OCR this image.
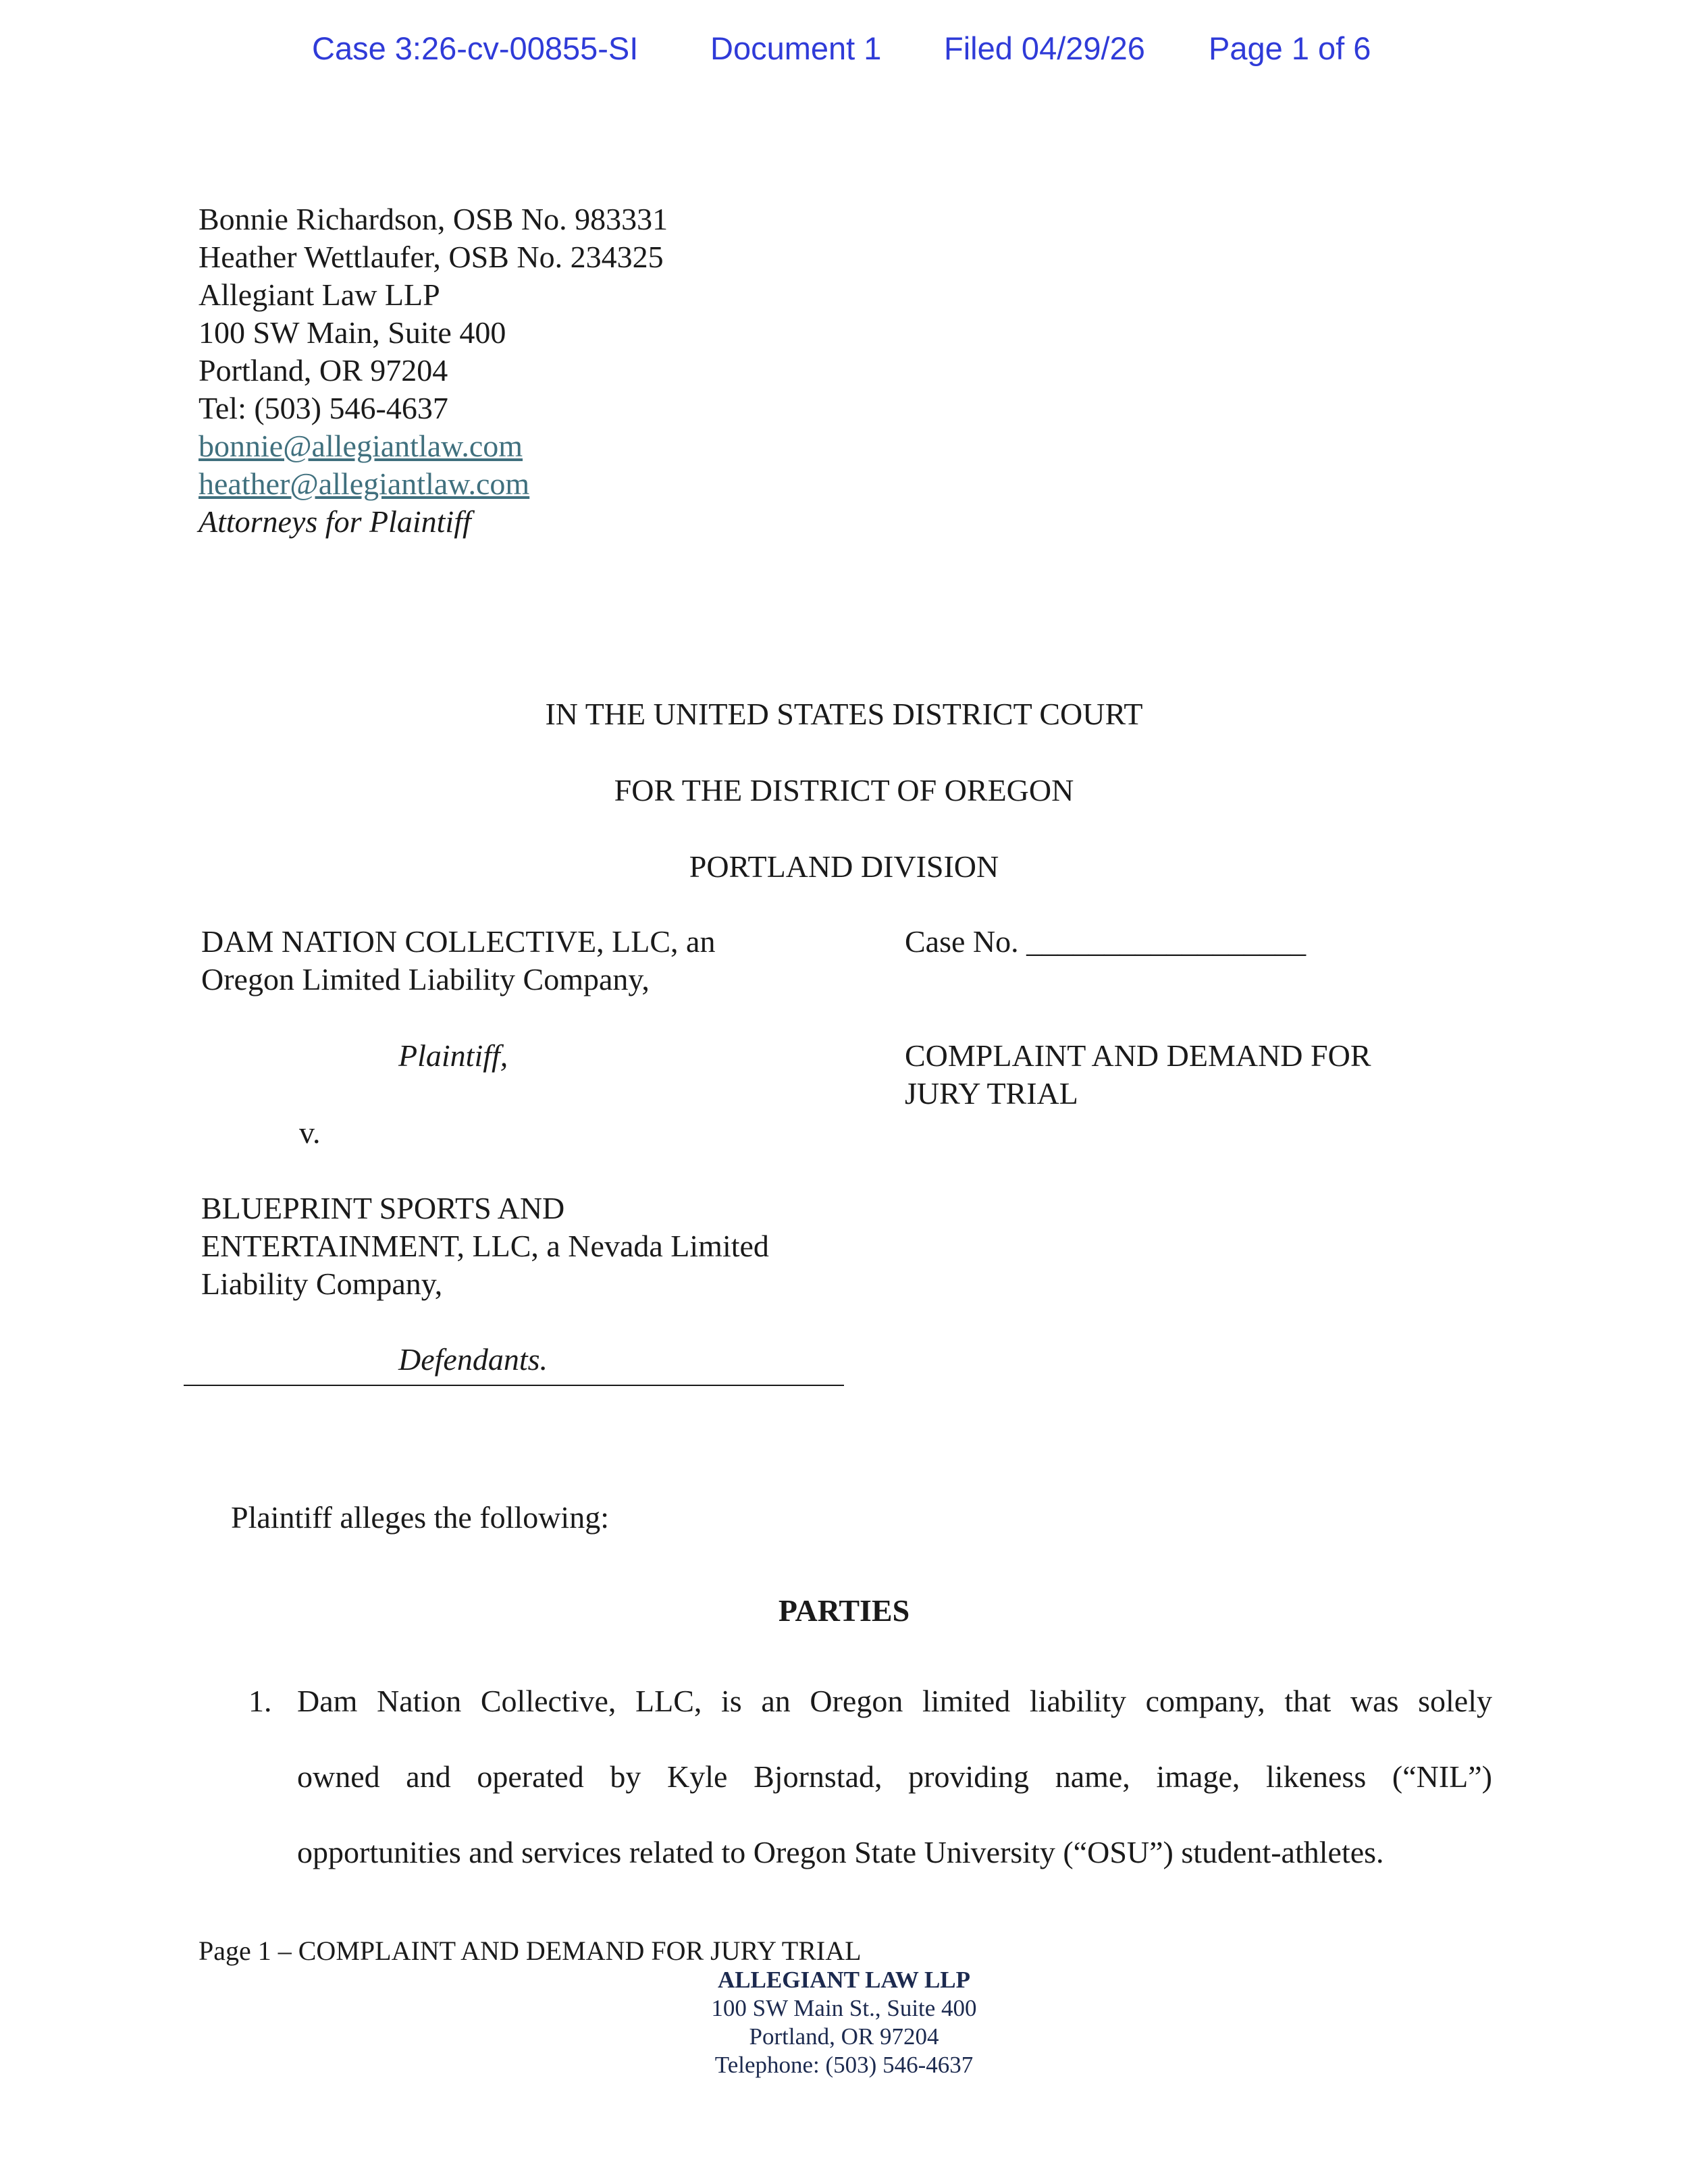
Case 3:26-cv-00855-SI Document 1 Filed 04/29/26 Page 1 of 6
Bonnie Richardson, OSB No. 983331
Heather Wettlaufer, OSB No. 234325
Allegiant Law LLP
100 SW Main, Suite 400
Portland, OR 97204
Tel: (503) 546-4637
bonnie@allegiantlaw.com
heather@allegiantlaw.com
Attorneys for Plaintiff
IN THE UNITED STATES DISTRICT COURT
FOR THE DISTRICT OF OREGON
PORTLAND DIVISION
DAM NATION COLLECTIVE, LLC, an
Oregon Limited Liability Company,
Plaintiff,
v.
BLUEPRINT SPORTS AND
ENTERTAINMENT, LLC, a Nevada Limited
Liability Company,
Defendants.
Case No. __________________
COMPLAINT AND DEMAND FOR
JURY TRIAL
Plaintiff alleges the following:
PARTIES
1. Dam Nation Collective, LLC, is an Oregon limited liability company, that was solely
owned and operated by Kyle Bjornstad, providing name, image, likeness (“NIL”)
opportunities and services related to Oregon State University (“OSU”) student-athletes.
Page 1 – COMPLAINT AND DEMAND FOR JURY TRIAL
ALLEGIANT LAW LLP
100 SW Main St., Suite 400
Portland, OR 97204
Telephone: (503) 546-4637
